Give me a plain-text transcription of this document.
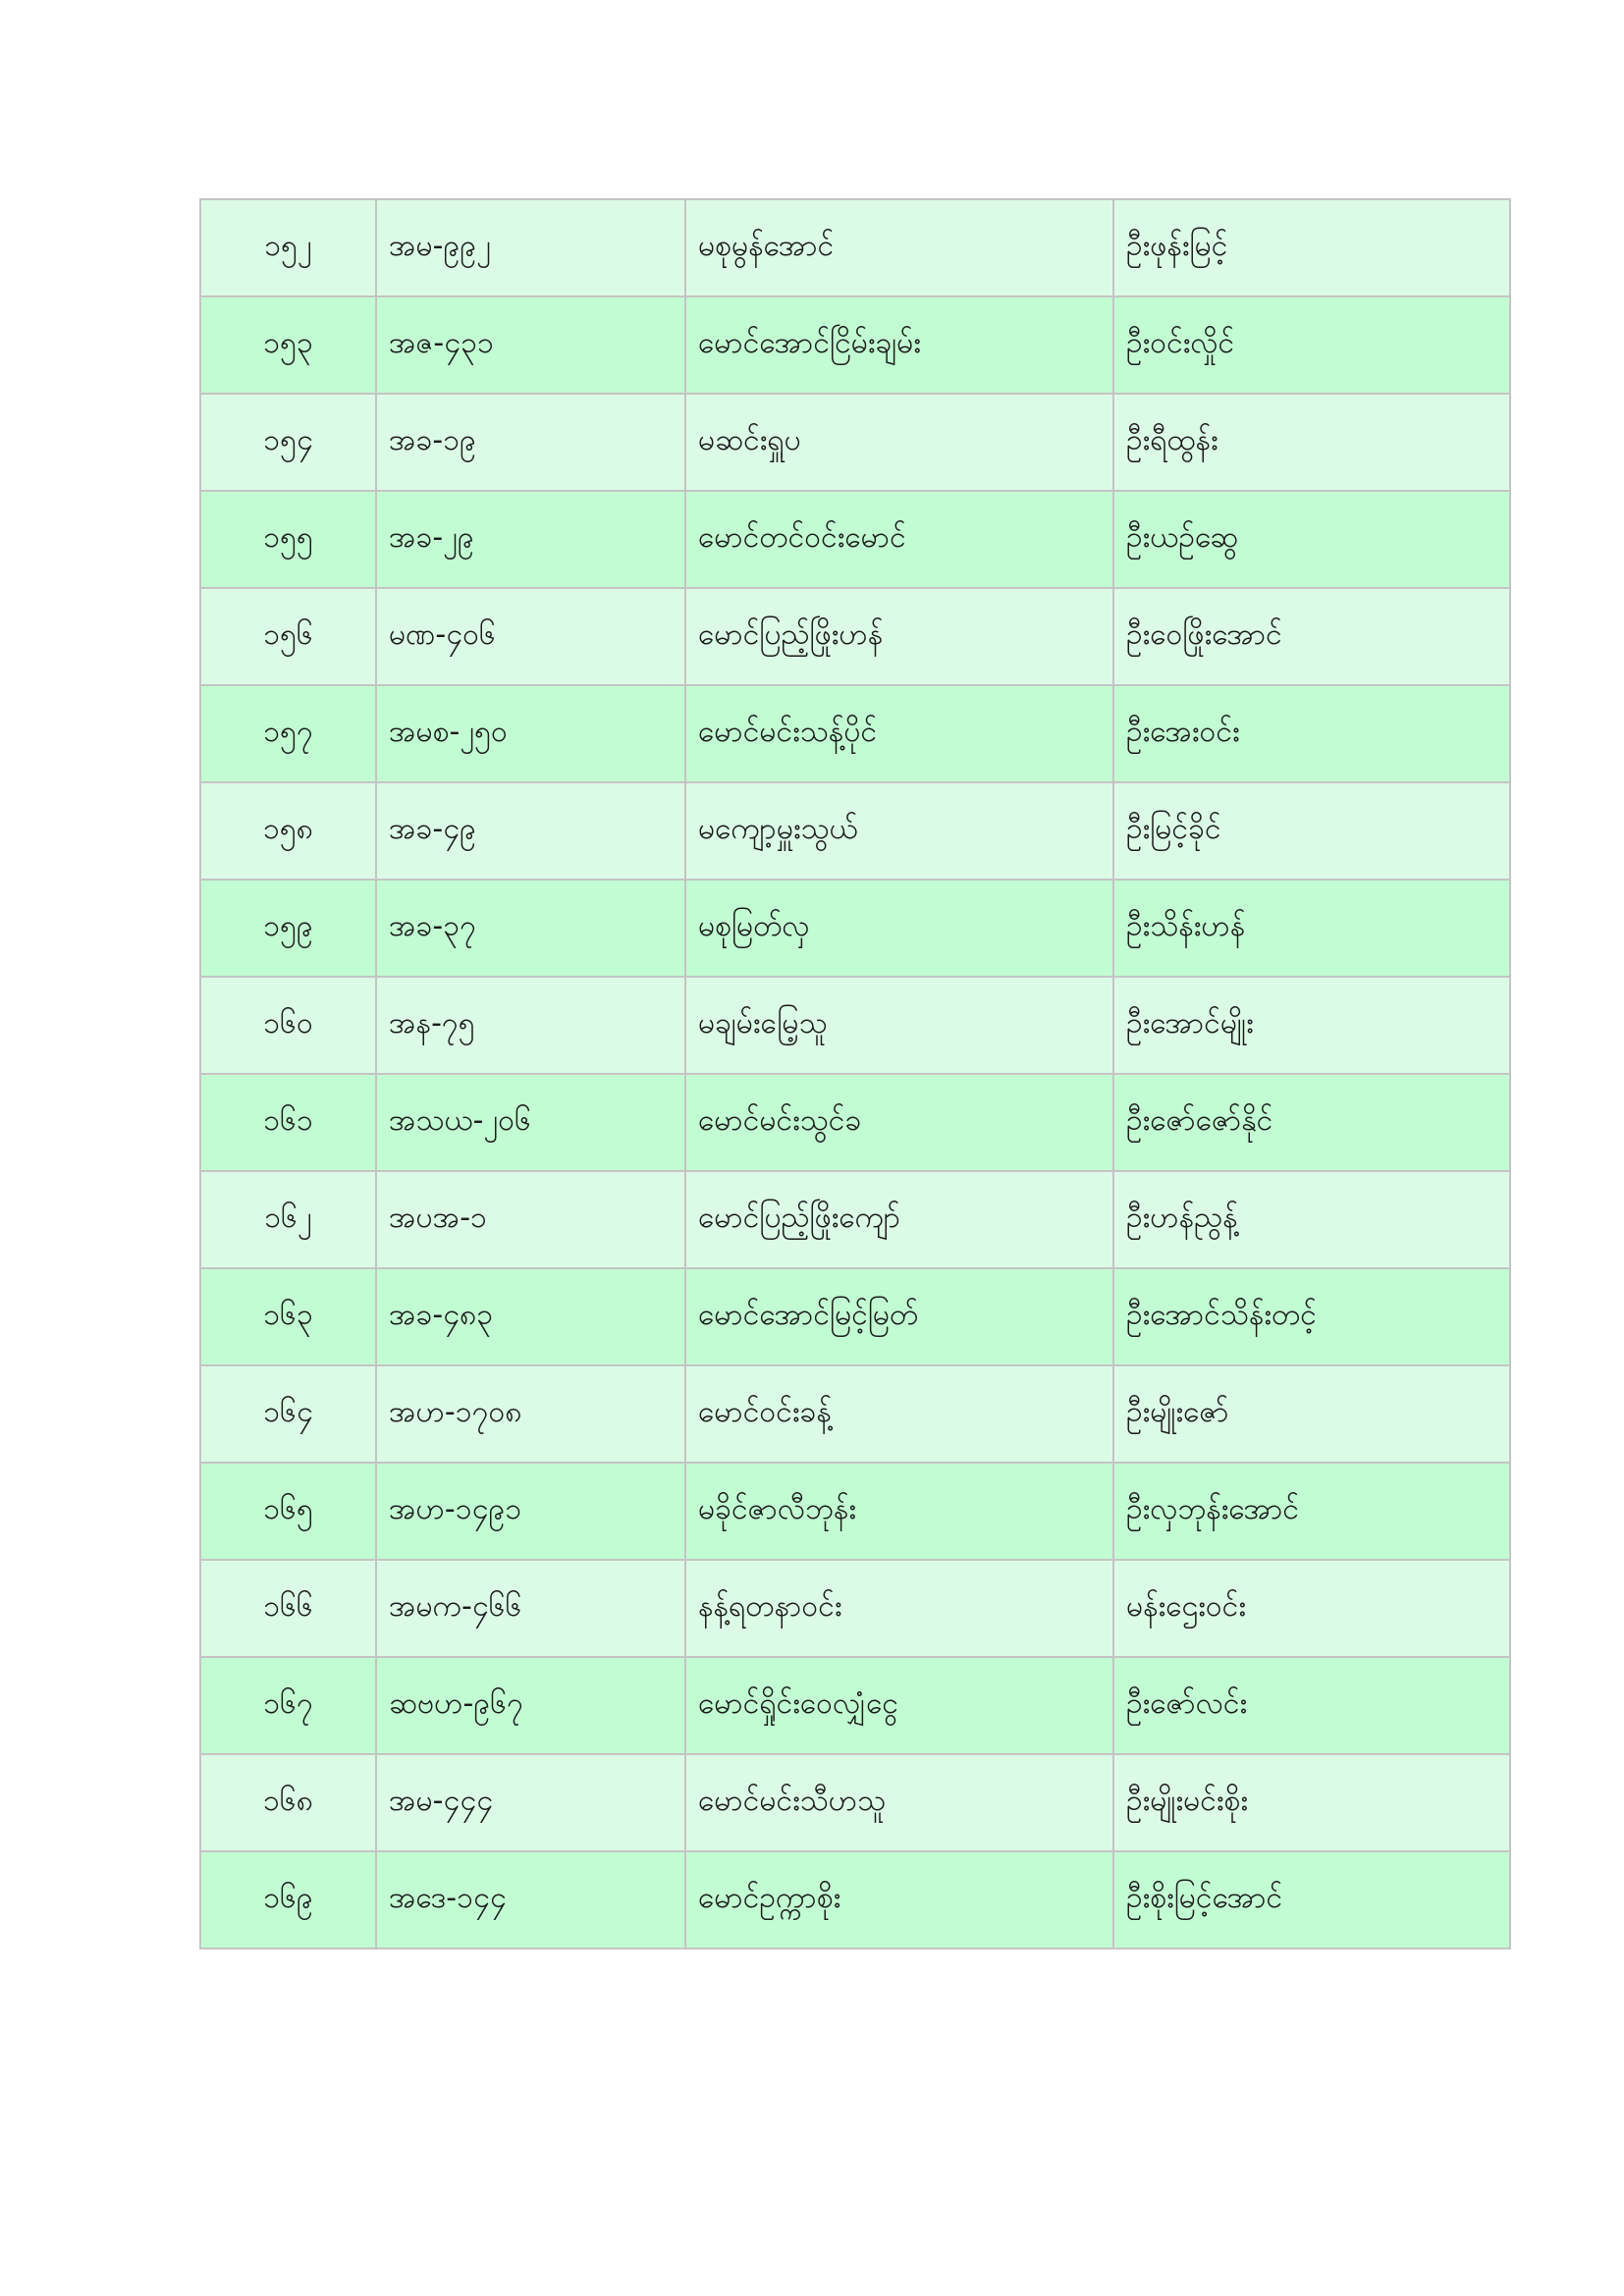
၁၅၂	အမ-၉၉၂	မစုမွန်အောင်	ဦးဖုန်းမြင့်
၁၅၃	အဇ-၄၃၁	မောင်အောင်ငြိမ်းချမ်း	ဦးဝင်းလှိုင်
၁၅၄	အခ-၁၉	မဆင်းရှူပ	ဦးရီထွန်း
၁၅၅	အခ-၂၉	မောင်တင်ဝင်းမောင်	ဦးယဉ်ဆွေ
၁၅၆	မဏ-၄၀၆	မောင်ပြည့်ဖြိုးဟန်	ဦးဝေဖြိုးအောင်
၁၅၇	အမစ-၂၅၀	မောင်မင်းသန့်ပိုင်	ဦးအေးဝင်း
၁၅၈	အခ-၄၉	မကျော့မှူးသွယ်	ဦးမြင့်ခိုင်
၁၅၉	အခ-၃၇	မစုမြတ်လှ	ဦးသိန်းဟန်
၁၆၀	အန-၇၅	မချမ်းမြေ့သူ	ဦးအောင်မျိုး
၁၆၁	အသယ-၂၀၆	မောင်မင်းသွင်ခ	ဦးဇော်ဇော်နိုင်
၁၆၂	အပအ-၁	မောင်ပြည့်ဖြိုးကျော်	ဦးဟန်ညွန့်
၁၆၃	အခ-၄၈၃	မောင်အောင်မြင့်မြတ်	ဦးအောင်သိန်းတင့်
၁၆၄	အဟ-၁၇၀၈	မောင်ဝင်းခန့်	ဦးမျိုးဇော်
၁၆၅	အဟ-၁၄၉၁	မခိုင်ဇာလီဘုန်း	ဦးလှဘုန်းအောင်
၁၆၆	အမက-၄၆၆	နန့်ရတနာဝင်း	မန်းဌေးဝင်း
၁၆၇	ဆဗဟ-၉၆၇	မောင်ရှိုင်းဝေလျှံငွေ	ဦးဇော်လင်း
၁၆၈	အမ-၄၄၄	မောင်မင်းသီဟသူ	ဦးမျိုးမင်းစိုး
၁၆၉	အဒေ-၁၄၄	မောင်ဥက္ကာစိုး	ဦးစိုးမြင့်အောင်
